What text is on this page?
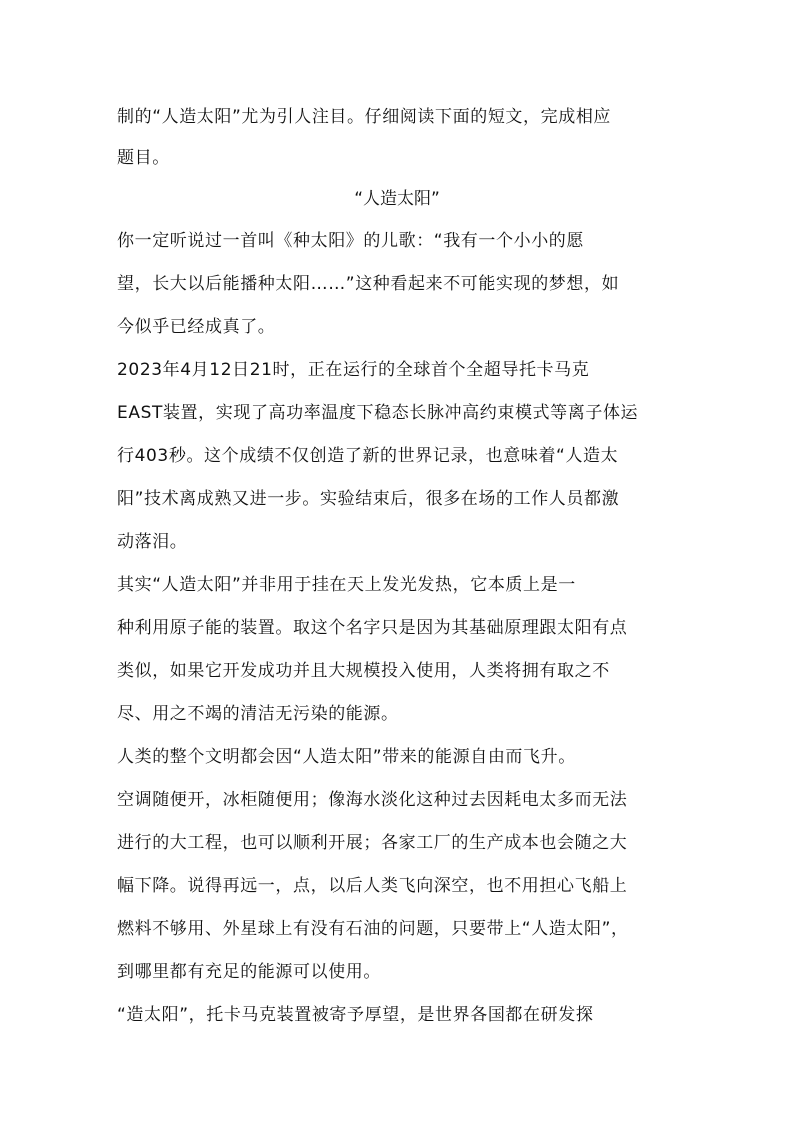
制的“人造太阳”尤为引人注目。仔细阅读下面的短文，完成相应
题目。
“人造太阳”
你一定听说过一首叫《种太阳》的儿歌：“我有一个小小的愿
望，长大以后能播种太阳……”这种看起来不可能实现的梦想，如
今似乎已经成真了。
2023年4月12日21时，正在运行的全球首个全超导托卡马克
EAST装置，实现了高功率温度下稳态长脉冲高约束模式等离子体运
行403秒。这个成绩不仅创造了新的世界记录，也意味着“人造太
阳”技术离成熟又进一步。实验结束后，很多在场的工作人员都激
动落泪。
其实“人造太阳”并非用于挂在天上发光发热，它本质上是一
种利用原子能的装置。取这个名字只是因为其基础原理跟太阳有点
类似，如果它开发成功并且大规模投入使用，人类将拥有取之不
尽、用之不竭的清洁无污染的能源。
人类的整个文明都会因“人造太阳”带来的能源自由而飞升。
空调随便开，冰柜随便用；像海水淡化这种过去因耗电太多而无法
进行的大工程，也可以顺利开展；各家工厂的生产成本也会随之大
幅下降。说得再远一，点，以后人类飞向深空，也不用担心飞船上
燃料不够用、外星球上有没有石油的问题，只要带上“人造太阳”，
到哪里都有充足的能源可以使用。
“造太阳”，托卡马克装置被寄予厚望，是世界各国都在研发探
